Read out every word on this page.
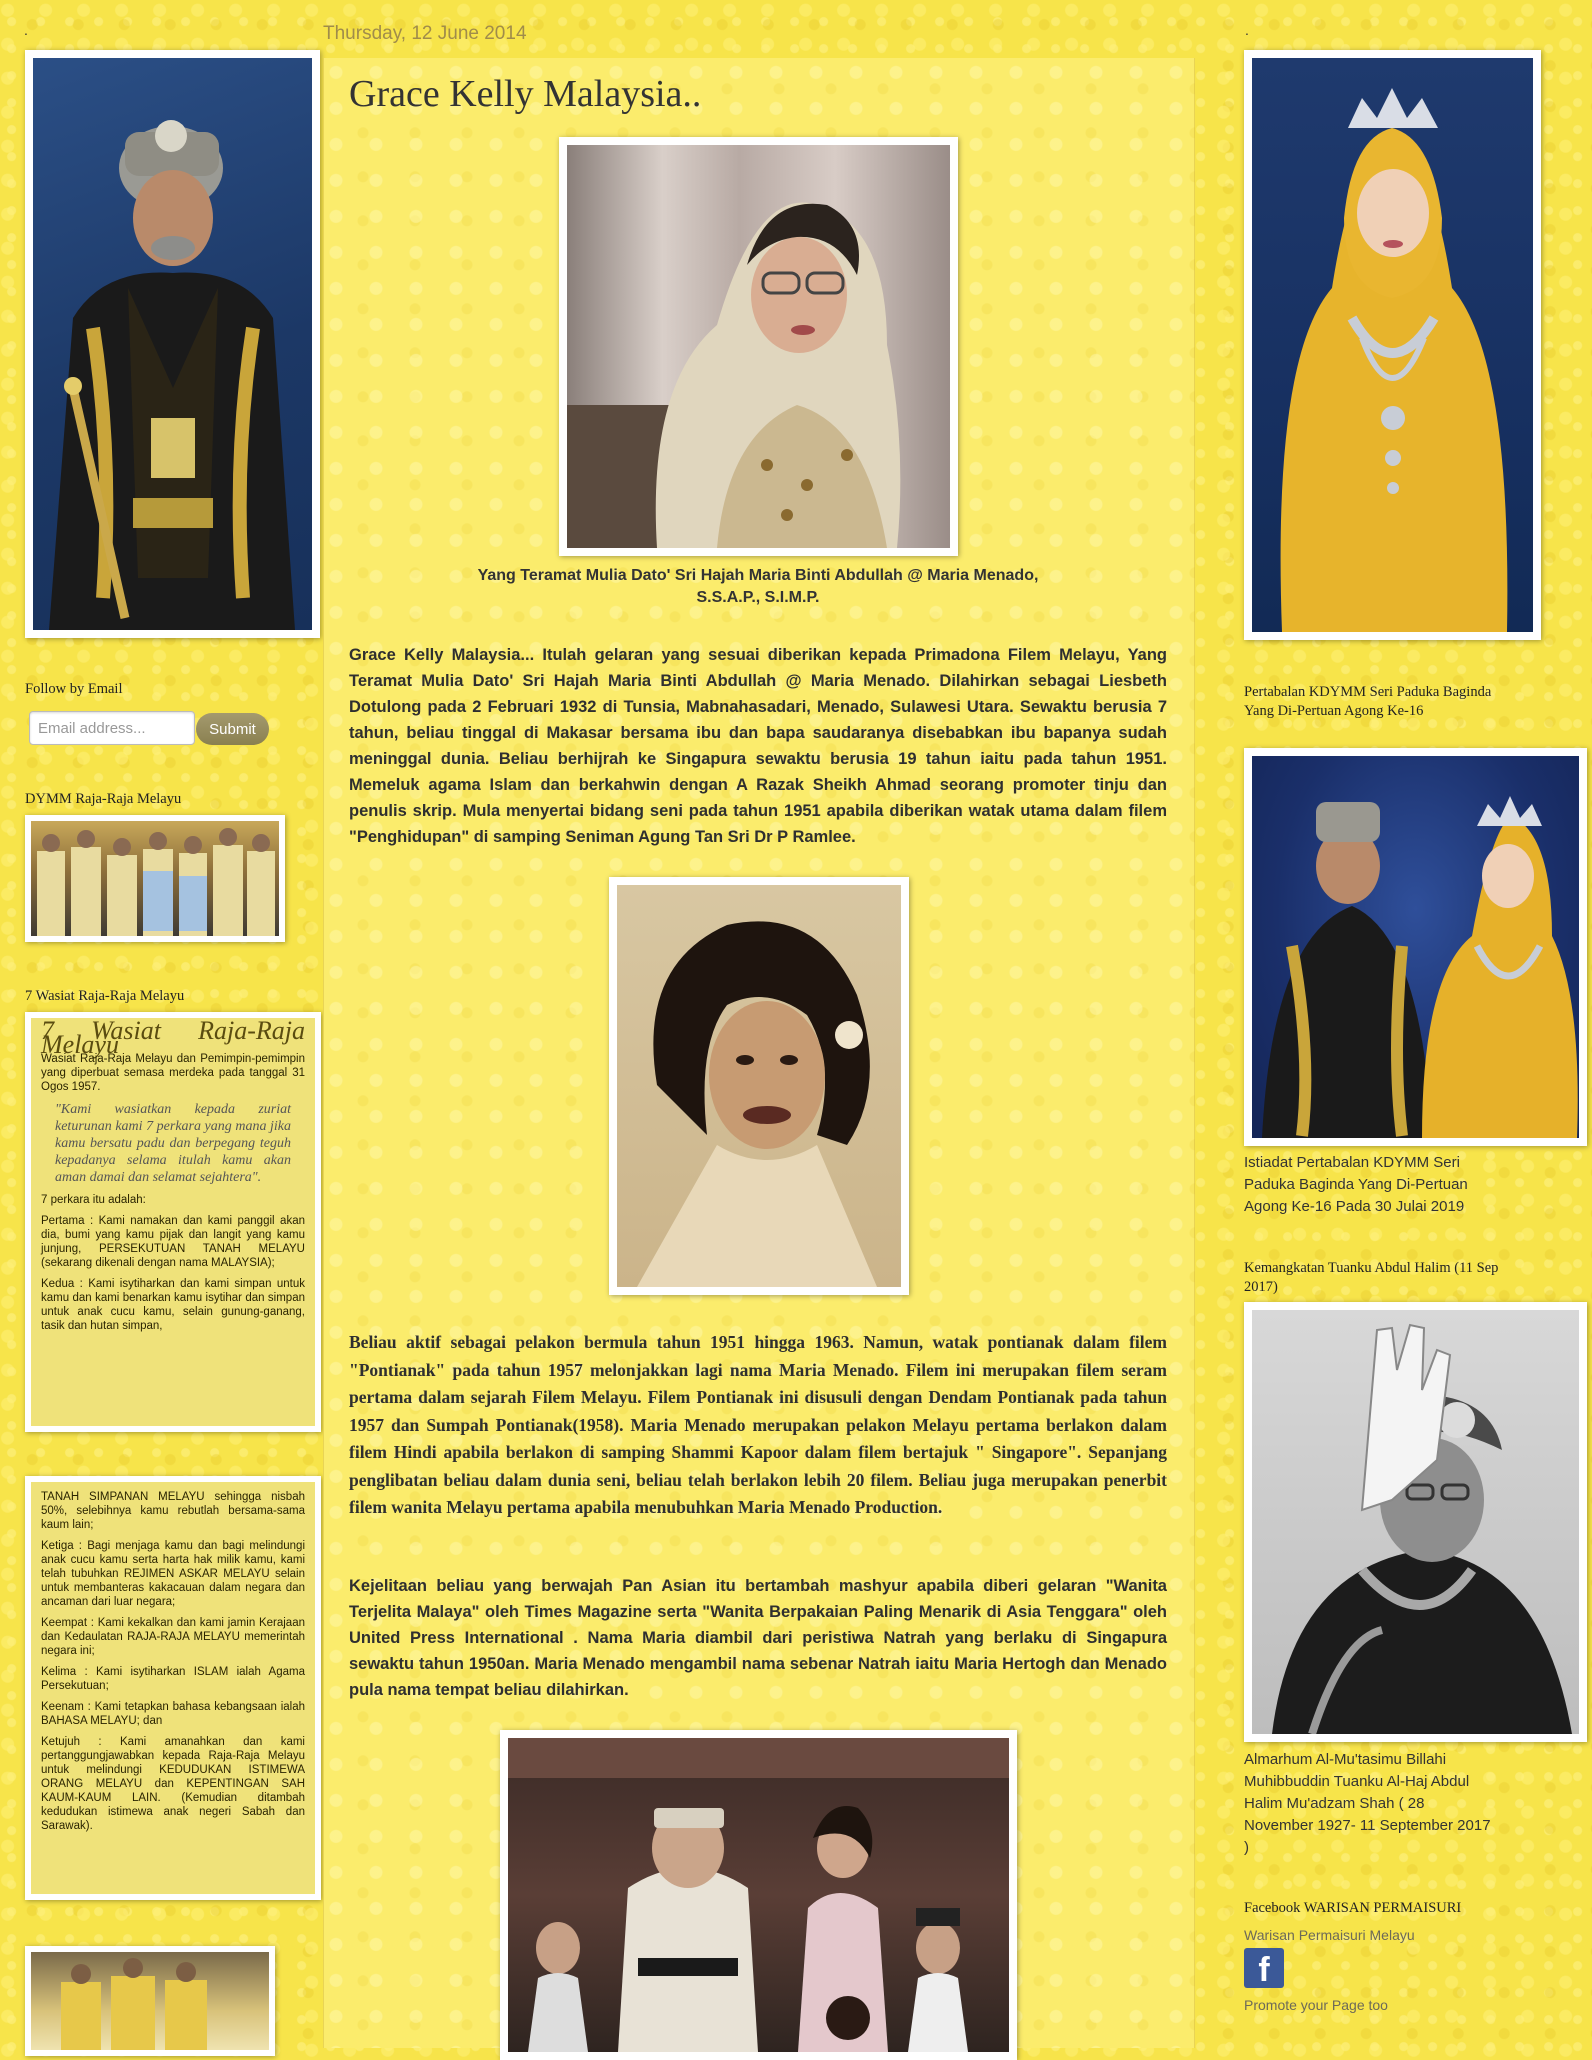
.
Follow by Email
Email address...
Submit
DYMM Raja-Raja Melayu
7 Wasiat Raja-Raja Melayu
7 Wasiat Raja-Raja Melayu

Wasiat Raja-Raja Melayu dan Pemimpin-pemimpin yang diperbuat semasa merdeka pada tanggal 31 Ogos 1957.

"Kami wasiatkan kepada zuriat keturunan kami 7 perkara yang mana jika kamu bersatu padu dan berpegang teguh kepadanya selama itulah kamu akan aman damai dan selamat sejahtera".

7 perkara itu adalah:

Pertama : Kami namakan dan kami panggil akan dia, bumi yang kamu pijak dan langit yang kamu junjung, PERSEKUTUAN TANAH MELAYU (sekarang dikenali dengan nama MALAYSIA);

Kedua : Kami isytiharkan dan kami simpan untuk kamu dan kami benarkan kamu isytihar dan simpan untuk anak cucu kamu, selain gunung-ganang, tasik dan hutan simpan,

TANAH SIMPANAN MELAYU sehingga nisbah 50%, selebihnya kamu rebutlah bersama-sama kaum lain;

Ketiga : Bagi menjaga kamu dan bagi melindungi anak cucu kamu serta harta hak milik kamu, kami telah tubuhkan REJIMEN ASKAR MELAYU selain untuk membanteras kakacauan dalam negara dan ancaman dari luar negara;

Keempat : Kami kekalkan dan kami jamin Kerajaan dan Kedaulatan RAJA-RAJA MELAYU memerintah negara ini;

Kelima : Kami isytiharkan ISLAM ialah Agama Persekutuan;

Keenam : Kami tetapkan bahasa kebangsaan ialah BAHASA MELAYU; dan

Ketujuh : Kami amanahkan dan kami pertanggungjawabkan kepada Raja-Raja Melayu untuk melindungi KEDUDUKAN ISTIMEWA ORANG MELAYU dan KEPENTINGAN SAH KAUM-KAUM LAIN. (Kemudian ditambah kedudukan istimewa anak negeri Sabah dan Sarawak).

Thursday, 12 June 2014
Grace Kelly Malaysia..
Yang Teramat Mulia Dato' Sri Hajah Maria Binti Abdullah @ Maria Menado,
S.S.A.P., S.I.M.P.

Grace Kelly Malaysia... Itulah gelaran yang sesuai diberikan kepada Primadona Filem Melayu, Yang Teramat Mulia Dato' Sri Hajah Maria Binti Abdullah @ Maria Menado. Dilahirkan sebagai Liesbeth Dotulong pada 2 Februari 1932 di Tunsia, Mabnahasadari, Menado, Sulawesi Utara. Sewaktu berusia 7 tahun, beliau tinggal di Makasar bersama ibu dan bapa saudaranya disebabkan ibu bapanya sudah meninggal dunia. Beliau berhijrah ke Singapura sewaktu berusia 19 tahun iaitu pada tahun 1951. Memeluk agama Islam dan berkahwin dengan A Razak Sheikh Ahmad seorang promoter tinju dan penulis skrip. Mula menyertai bidang seni pada tahun 1951 apabila diberikan watak utama dalam filem "Penghidupan" di samping Seniman Agung Tan Sri Dr P Ramlee.

Beliau aktif sebagai pelakon bermula tahun 1951 hingga 1963. Namun, watak pontianak dalam filem "Pontianak" pada tahun 1957 melonjakkan lagi nama Maria Menado. Filem ini merupakan filem seram pertama dalam sejarah Filem Melayu. Filem Pontianak ini disusuli dengan Dendam Pontianak pada tahun 1957 dan Sumpah Pontianak(1958). Maria Menado merupakan pelakon Melayu pertama berlakon dalam filem Hindi apabila berlakon di samping Shammi Kapoor dalam filem bertajuk " Singapore". Sepanjang penglibatan beliau dalam dunia seni, beliau telah berlakon lebih 20 filem. Beliau juga merupakan penerbit filem wanita Melayu pertama apabila menubuhkan Maria Menado Production.

Kejelitaan beliau yang berwajah Pan Asian itu bertambah mashyur apabila diberi gelaran "Wanita Terjelita Malaya" oleh Times Magazine serta "Wanita Berpakaian Paling Menarik di Asia Tenggara" oleh United Press International . Nama Maria diambil dari peristiwa Natrah yang berlaku di Singapura sewaktu tahun 1950an. Maria Menado mengambil nama sebenar Natrah iaitu Maria Hertogh dan Menado pula nama tempat beliau dilahirkan.

.
Pertabalan KDYMM Seri Paduka Baginda Yang Di-Pertuan Agong Ke-16
Istiadat Pertabalan KDYMM Seri Paduka Baginda Yang Di-Pertuan Agong Ke-16 Pada 30 Julai 2019
Kemangkatan Tuanku Abdul Halim (11 Sep 2017)
Almarhum Al-Mu'tasimu Billahi Muhibbuddin Tuanku Al-Haj Abdul Halim Mu'adzam Shah ( 28 November 1927- 11 September 2017 )
Facebook WARISAN PERMAISURI
Warisan Permaisuri Melayu
f
Promote your Page too
